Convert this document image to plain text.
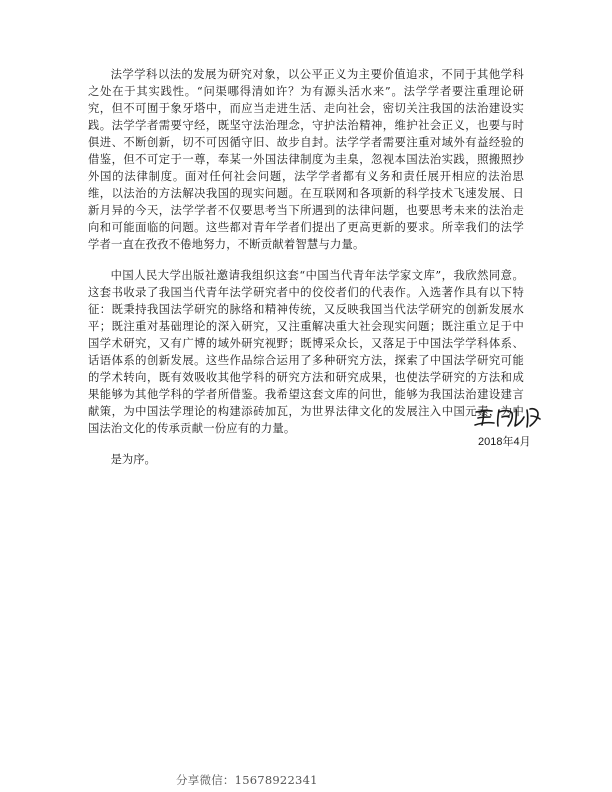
法学学科以法的发展为研究对象，以公平正义为主要价值追求，不同于其他学科之处在于其实践性。“问渠哪得清如许？为有源头活水来”。法学学者要注重理论研究，但不可囿于象牙塔中，而应当走进生活、走向社会，密切关注我国的法治建设实践。法学学者需要守经，既坚守法治理念，守护法治精神，维护社会正义，也要与时俱进、不断创新，切不可因循守旧、故步自封。法学学者需要注重对域外有益经验的借鉴，但不可定于一尊，奉某一外国法律制度为圭臬，忽视本国法治实践，照搬照抄外国的法律制度。面对任何社会问题，法学学者都有义务和责任展开相应的法治思维，以法治的方法解决我国的现实问题。在互联网和各项新的科学技术飞速发展、日新月异的今天，法学学者不仅要思考当下所遇到的法律问题，也要思考未来的法治走向和可能面临的问题。这些都对青年学者们提出了更高更新的要求。所幸我们的法学学者一直在孜孜不倦地努力，不断贡献着智慧与力量。

中国人民大学出版社邀请我组织这套“中国当代青年法学家文库”，我欣然同意。这套书收录了我国当代青年法学研究者中的佼佼者们的代表作。入选著作具有以下特征：既秉持我国法学研究的脉络和精神传统，又反映我国当代法学研究的创新发展水平；既注重对基础理论的深入研究，又注重解决重大社会现实问题；既注重立足于中国学术研究，又有广博的域外研究视野；既博采众长，又落足于中国法学学科体系、话语体系的创新发展。这些作品综合运用了多种研究方法，探索了中国法学研究可能的学术转向，既有效吸收其他学科的研究方法和研究成果，也使法学研究的方法和成果能够为其他学科的学者所借鉴。我希望这套文库的问世，能够为我国法治建设建言献策，为中国法学理论的构建添砖加瓦，为世界法律文化的发展注入中国元素，为中国法治文化的传承贡献一份应有的力量。

是为序。

2018年4月
分享微信：15678922341
